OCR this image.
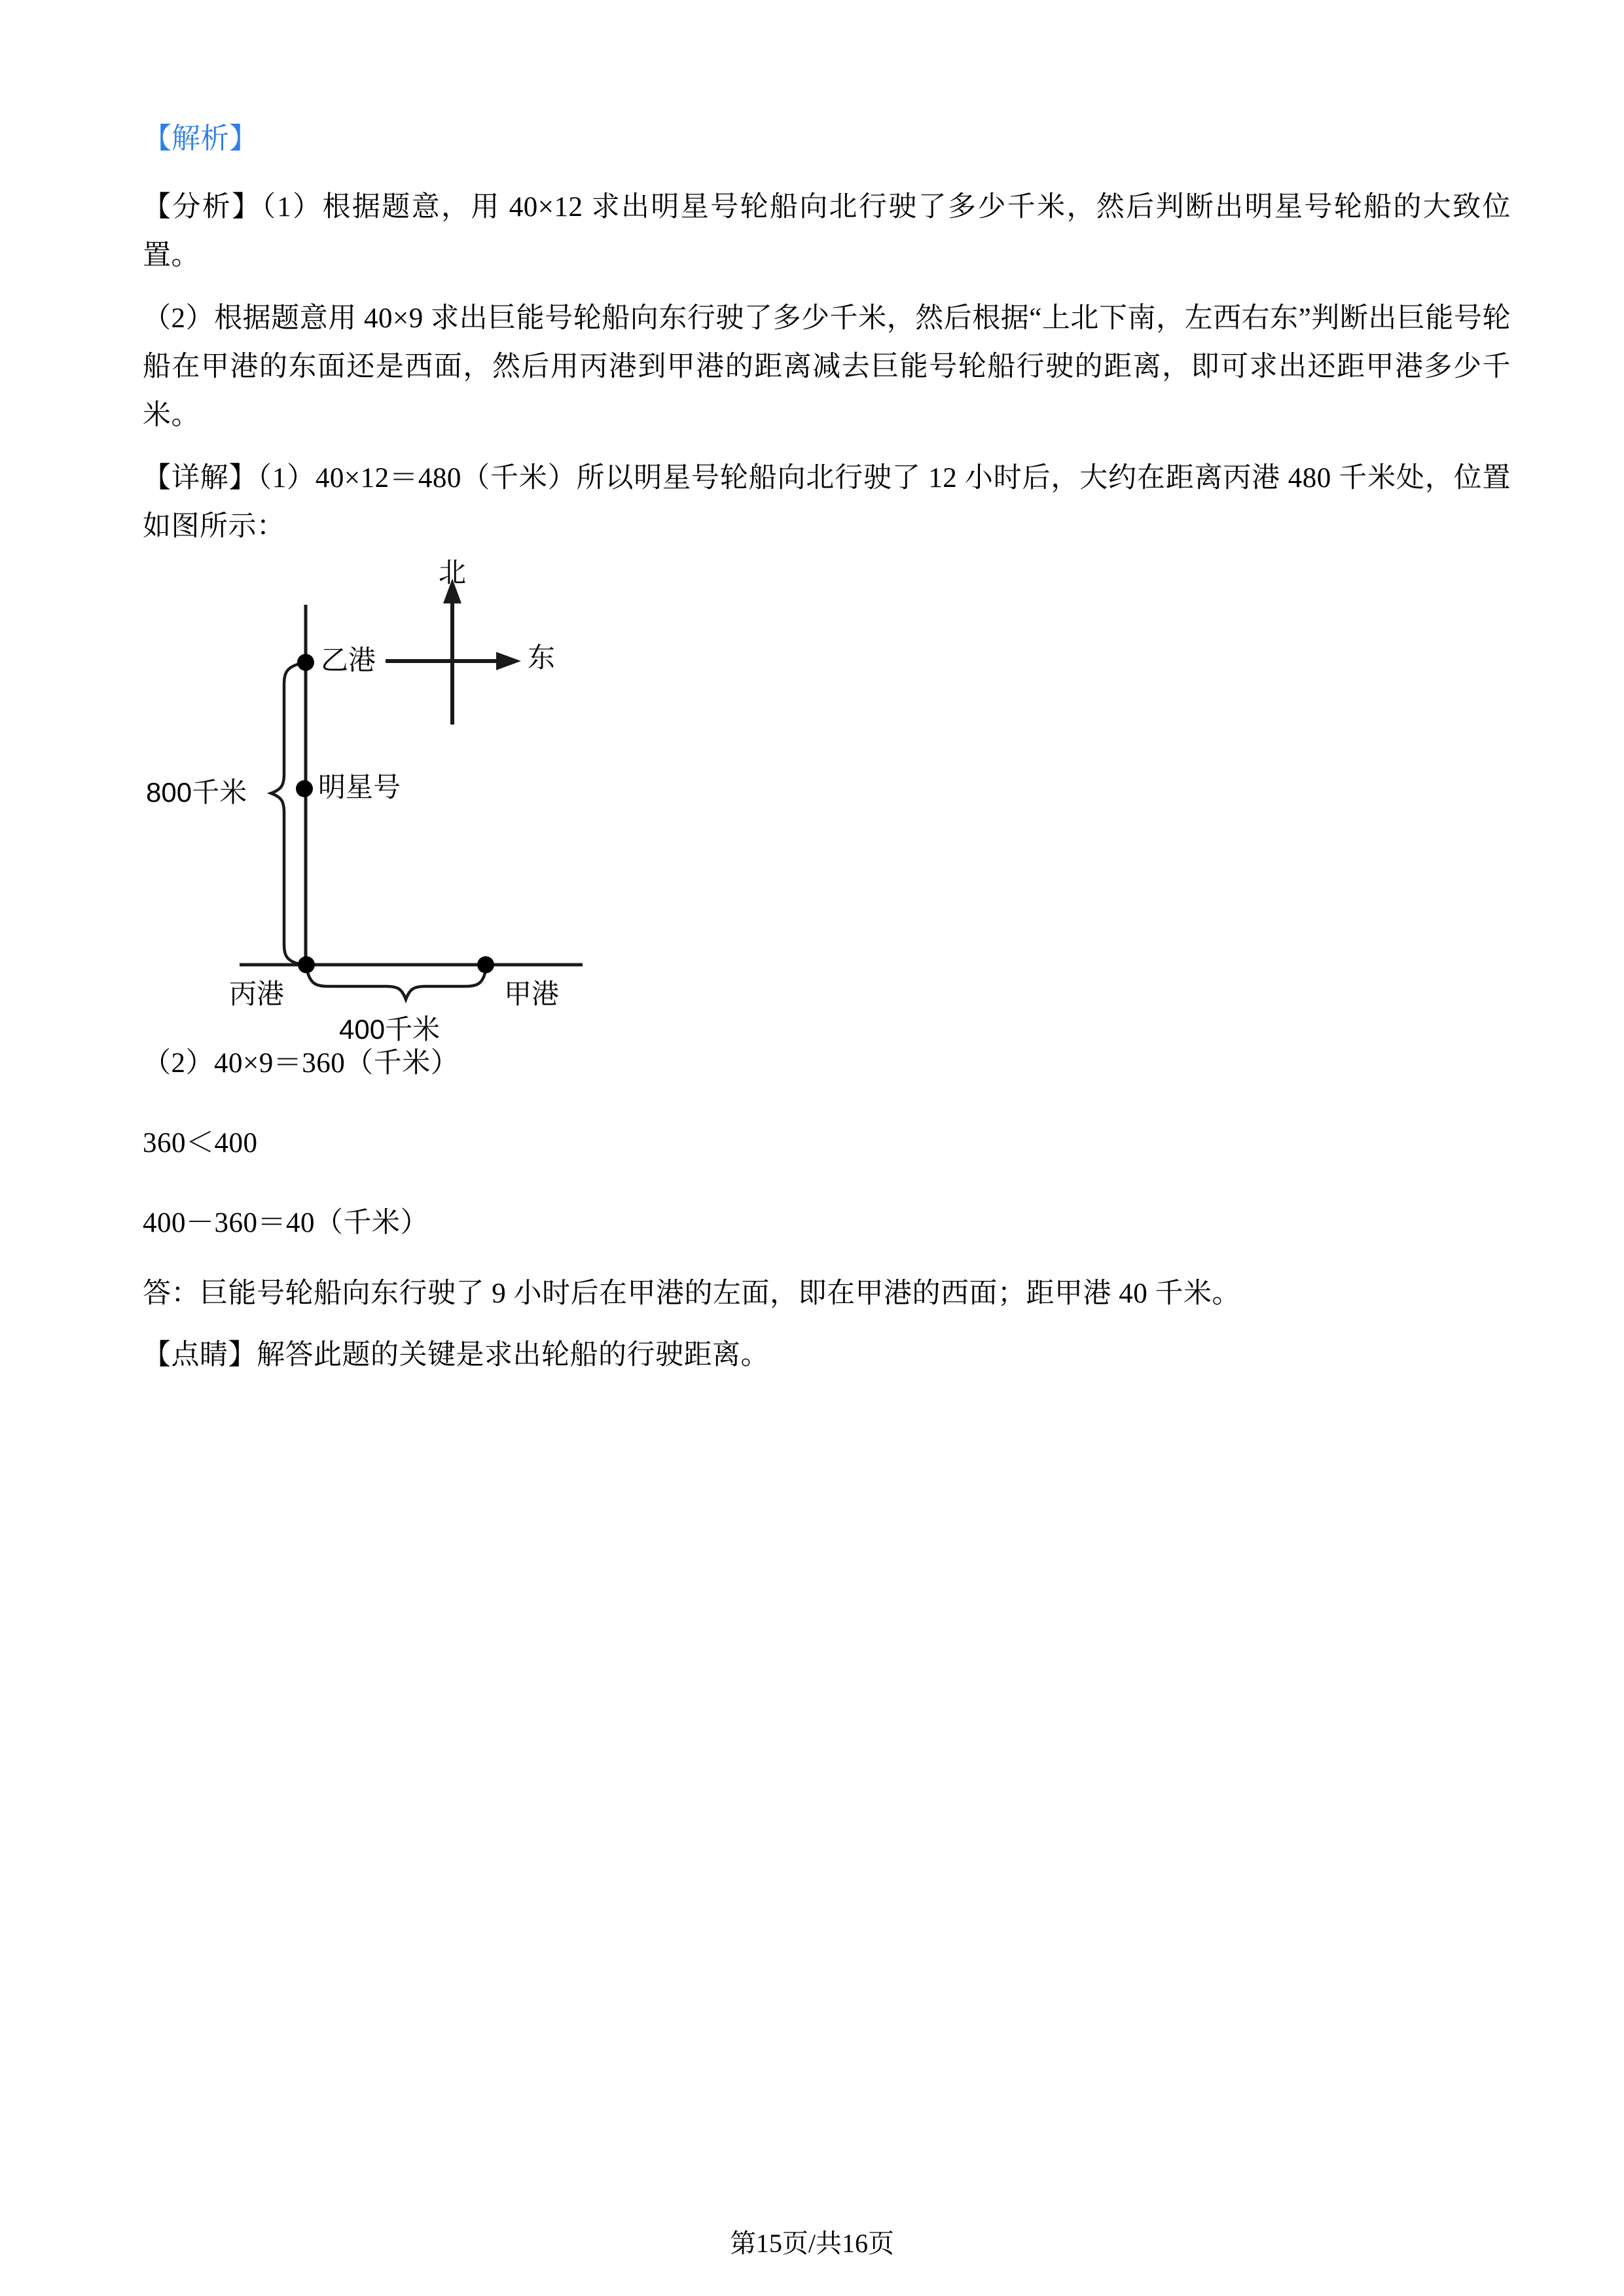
【解析】

【分析】（1）根据题意，用 40×12 求出明星号轮船向北行驶了多少千米，然后判断出明星号轮船的大致位置。

（2）根据题意用 40×9 求出巨能号轮船向东行驶了多少千米，然后根据“上北下南，左西右东”判断出巨能号轮船在甲港的东面还是西面，然后用丙港到甲港的距离减去巨能号轮船行驶的距离，即可求出还距甲港多少千米。

【详解】（1）40×12＝480（千米）所以明星号轮船向北行驶了 12 小时后，大约在距离丙港 480 千米处，位置如图所示：

乙港
明星号
丙港	甲港
800千米
400千米
北
东
（2）40×9＝360（千米）
360＜400
400－360＝40（千米）

答：巨能号轮船向东行驶了 9 小时后在甲港的左面，即在甲港的西面；距甲港 40 千米。

【点睛】解答此题的关键是求出轮船的行驶距离。

第15页/共16页
